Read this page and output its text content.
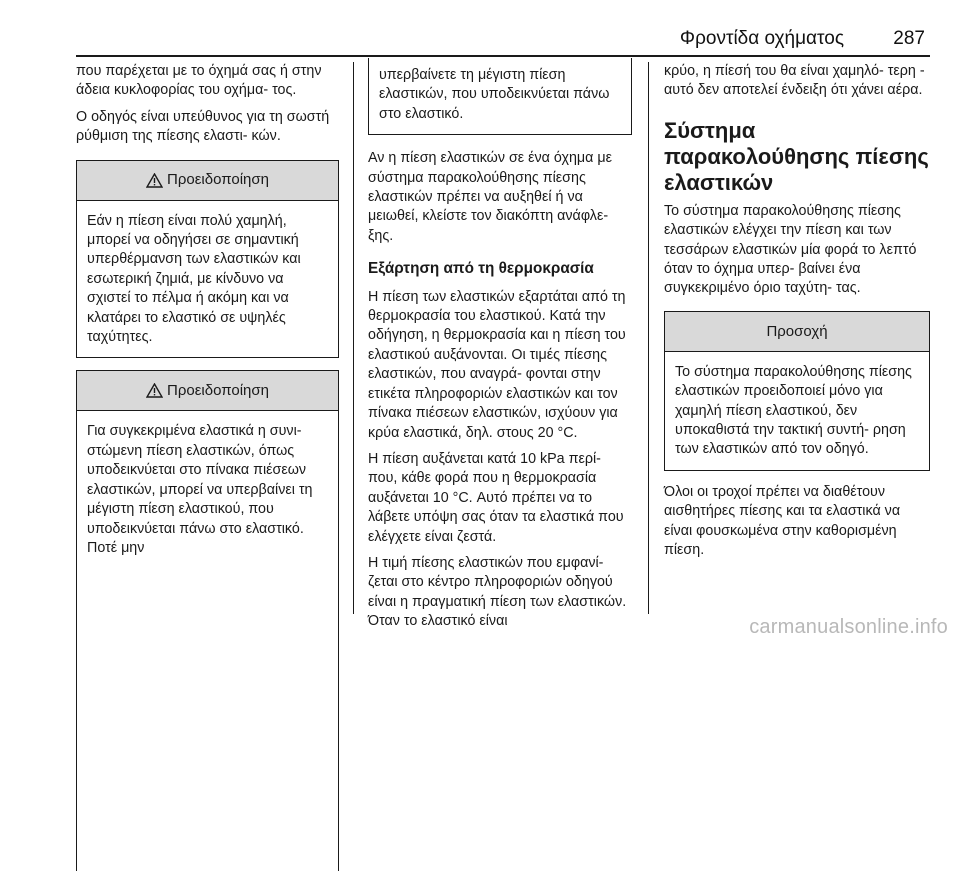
Φροντίδα οχήματος	287

που παρέχεται με το όχημά σας ή στην άδεια κυκλοφορίας του οχήμα- τος.

Ο οδηγός είναι υπεύθυνος για τη σωστή ρύθμιση της πίεσης ελαστι- κών.

Προειδοποίηση
Εάν η πίεση είναι πολύ χαμηλή, μπορεί να οδηγήσει σε σημαντική υπερθέρμανση των ελαστικών και εσωτερική ζημιά, με κίνδυνο να σχιστεί το πέλμα ή ακόμη και να κλατάρει το ελαστικό σε υψηλές ταχύτητες.
Προειδοποίηση
Για συγκεκριμένα ελαστικά η συνι- στώμενη πίεση ελαστικών, όπως υποδεικνύεται στο πίνακα πιέσεων ελαστικών, μπορεί να υπερβαίνει τη μέγιστη πίεση ελαστικού, που υποδεικνύεται πάνω στο ελαστικό. Ποτέ μην
υπερβαίνετε τη μέγιστη πίεση ελαστικών, που υποδεικνύεται πάνω στο ελαστικό.

Αν η πίεση ελαστικών σε ένα όχημα με σύστημα παρακολούθησης πίεσης ελαστικών πρέπει να αυξηθεί ή να μειωθεί, κλείστε τον διακόπτη ανάφλε- ξης.

Εξάρτηση από τη θερμοκρασία

Η πίεση των ελαστικών εξαρτάται από τη θερμοκρασία του ελαστικού. Κατά την οδήγηση, η θερμοκρασία και η πίεση του ελαστικού αυξάνονται. Οι τιμές πίεσης ελαστικών, που αναγρά- φονται στην ετικέτα πληροφοριών ελαστικών και τον πίνακα πιέσεων ελαστικών, ισχύουν για κρύα ελαστικά, δηλ. στους 20 °C.

Η πίεση αυξάνεται κατά 10 kPa περί- που, κάθε φορά που η θερμοκρασία αυξάνεται 10 °C. Αυτό πρέπει να το λάβετε υπόψη σας όταν τα ελαστικά που ελέγχετε είναι ζεστά.

Η τιμή πίεσης ελαστικών που εμφανί- ζεται στο κέντρο πληροφοριών οδηγού είναι η πραγματική πίεση των ελαστικών. Όταν το ελαστικό είναι

κρύο, η πίεσή του θα είναι χαμηλό- τερη - αυτό δεν αποτελεί ένδειξη ότι χάνει αέρα.

Σύστημα παρακολούθησης πίεσης ελαστικών

Το σύστημα παρακολούθησης πίεσης ελαστικών ελέγχει την πίεση και των τεσσάρων ελαστικών μία φορά το λεπτό όταν το όχημα υπερ- βαίνει ένα συγκεκριμένο όριο ταχύτη- τας.

Προσοχή
Το σύστημα παρακολούθησης πίεσης ελαστικών προειδοποιεί μόνο για χαμηλή πίεση ελαστικού, δεν υποκαθιστά την τακτική συντή- ρηση των ελαστικών από τον οδηγό.

Όλοι οι τροχοί πρέπει να διαθέτουν αισθητήρες πίεσης και τα ελαστικά να είναι φουσκωμένα στην καθορισμένη πίεση.

carmanualsonline.info
